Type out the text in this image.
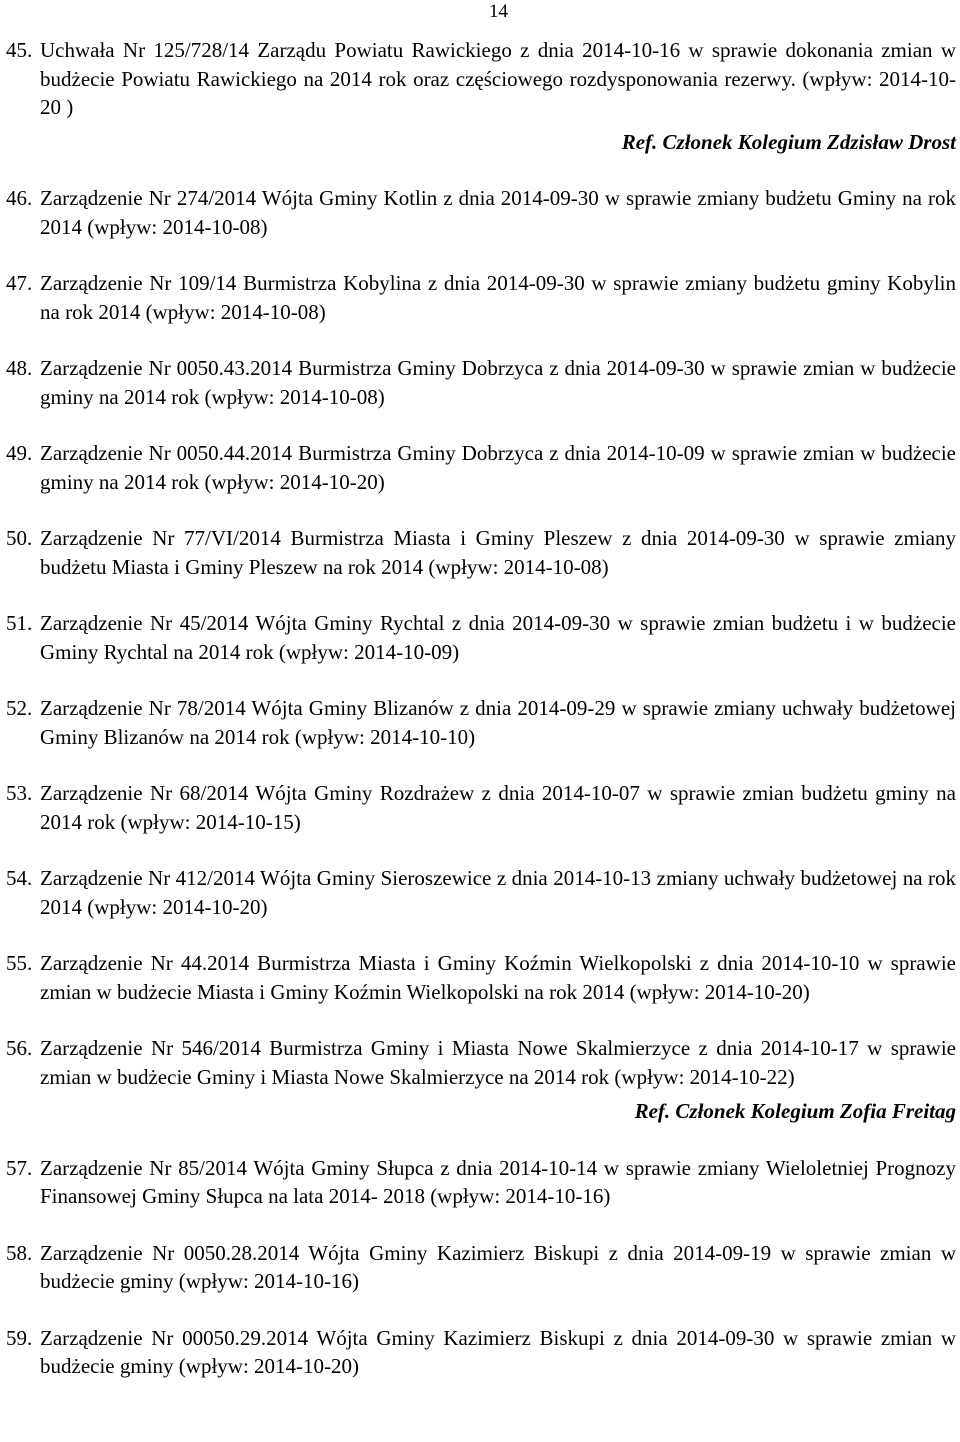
14
45. Uchwała Nr 125/728/14 Zarządu Powiatu Rawickiego z dnia 2014-10-16 w sprawie dokonania zmian w budżecie Powiatu Rawickiego na 2014 rok oraz częściowego rozdysponowania rezerwy. (wpływ: 2014-10-20 )
Ref. Członek Kolegium Zdzisław Drost
46. Zarządzenie Nr 274/2014 Wójta Gminy Kotlin z dnia 2014-09-30 w sprawie zmiany budżetu Gminy na rok 2014 (wpływ: 2014-10-08)
47. Zarządzenie Nr 109/14 Burmistrza Kobylina z dnia 2014-09-30 w sprawie zmiany budżetu gminy Kobylin na rok 2014 (wpływ: 2014-10-08)
48. Zarządzenie Nr 0050.43.2014 Burmistrza Gminy Dobrzyca z dnia 2014-09-30 w sprawie zmian w budżecie gminy na 2014 rok (wpływ: 2014-10-08)
49. Zarządzenie Nr 0050.44.2014 Burmistrza Gminy Dobrzyca z dnia 2014-10-09 w sprawie zmian w budżecie gminy na 2014 rok (wpływ: 2014-10-20)
50. Zarządzenie Nr 77/VI/2014 Burmistrza Miasta i Gminy Pleszew z dnia 2014-09-30 w sprawie zmiany budżetu Miasta i Gminy Pleszew na rok 2014 (wpływ: 2014-10-08)
51. Zarządzenie Nr 45/2014 Wójta Gminy Rychtal z dnia 2014-09-30 w sprawie zmian budżetu i w budżecie Gminy Rychtal na 2014 rok (wpływ: 2014-10-09)
52. Zarządzenie Nr 78/2014 Wójta Gminy Blizanów z dnia 2014-09-29 w sprawie zmiany uchwały budżetowej Gminy Blizanów na 2014 rok (wpływ: 2014-10-10)
53. Zarządzenie Nr 68/2014 Wójta Gminy Rozdrażew z dnia 2014-10-07 w sprawie zmian budżetu gminy na 2014 rok (wpływ: 2014-10-15)
54. Zarządzenie Nr 412/2014 Wójta Gminy Sieroszewice z dnia 2014-10-13 zmiany uchwały budżetowej na rok 2014 (wpływ: 2014-10-20)
55. Zarządzenie Nr 44.2014 Burmistrza Miasta i Gminy Koźmin Wielkopolski z dnia 2014-10-10 w sprawie zmian w budżecie Miasta i Gminy Koźmin Wielkopolski na rok 2014 (wpływ: 2014-10-20)
56. Zarządzenie Nr 546/2014 Burmistrza Gminy i Miasta Nowe Skalmierzyce z dnia 2014-10-17 w sprawie zmian w budżecie Gminy i Miasta Nowe Skalmierzyce na 2014 rok (wpływ: 2014-10-22)
Ref. Członek Kolegium Zofia Freitag
57. Zarządzenie Nr 85/2014 Wójta Gminy Słupca z dnia 2014-10-14 w sprawie zmiany Wieloletniej Prognozy Finansowej Gminy Słupca na lata 2014- 2018 (wpływ: 2014-10-16)
58. Zarządzenie Nr 0050.28.2014 Wójta Gminy Kazimierz Biskupi z dnia 2014-09-19 w sprawie zmian w budżecie gminy (wpływ: 2014-10-16)
59. Zarządzenie Nr 00050.29.2014 Wójta Gminy Kazimierz Biskupi z dnia 2014-09-30 w sprawie zmian w budżecie gminy (wpływ: 2014-10-20)
